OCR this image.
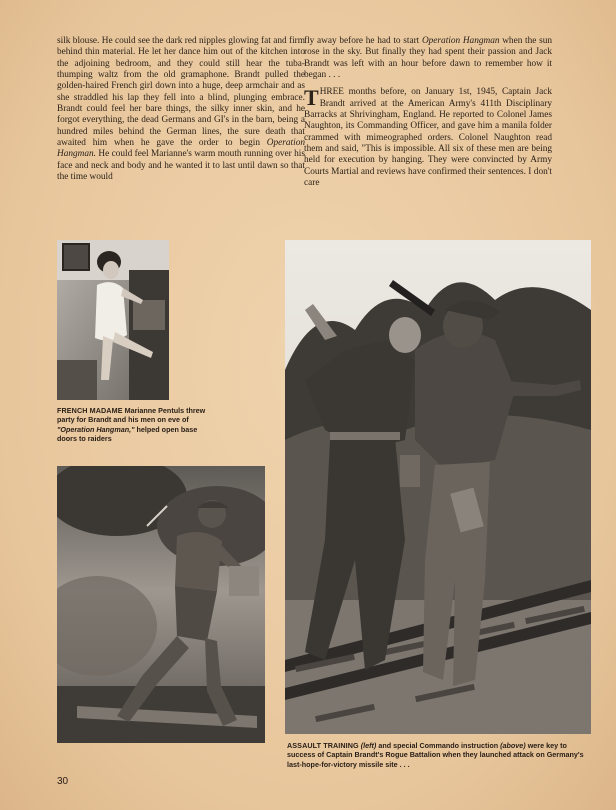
silk blouse. He could see the dark red nipples glowing fat and firm behind thin material. He let her dance him out of the kitchen into the adjoining bedroom, and they could still hear the tuba-thumping waltz from the old gramaphone. Brandt pulled the golden-haired French girl down into a huge, deep armchair and as she straddled his lap they fell into a blind, plunging embrace. Brandt could feel her bare things, the silky inner skin, and he forgot everything, the dead Germans and GI's in the barn, being a hundred miles behind the German lines, the sure death that awaited him when he gave the order to begin Operation Hangman. He could feel Marianne's warm mouth running over his face and neck and body and he wanted it to last until dawn so that the time would

fly away before he had to start Operation Hangman when the sun rose in the sky. But finally they had spent their passion and Jack Brandt was left with an hour before dawn to remember how it began . . .

THREE months before, on January 1st, 1945, Captain Jack Brandt arrived at the American Army's 411th Disciplinary Barracks at Shrivingham, England. He reported to Colonel James Naughton, its Commanding Officer, and gave him a manila folder crammed with mimeographed orders. Colonel Naughton read them and said, "This is impossible. All six of these men are being held for execution by hanging. They were convincted by Army Courts Martial and reviews have confirmed their sentences. I don't care

FRENCH MADAME Marianne Pentuls threw party for Brandt and his men on eve of "Operation Hangman," helped open base doors to raiders
ASSAULT TRAINING (left) and special Commando instruction (above) were key to success of Captain Brandt's Rogue Battalion when they launched attack on Germany's last-hope-for-victory missile site . . .
30
